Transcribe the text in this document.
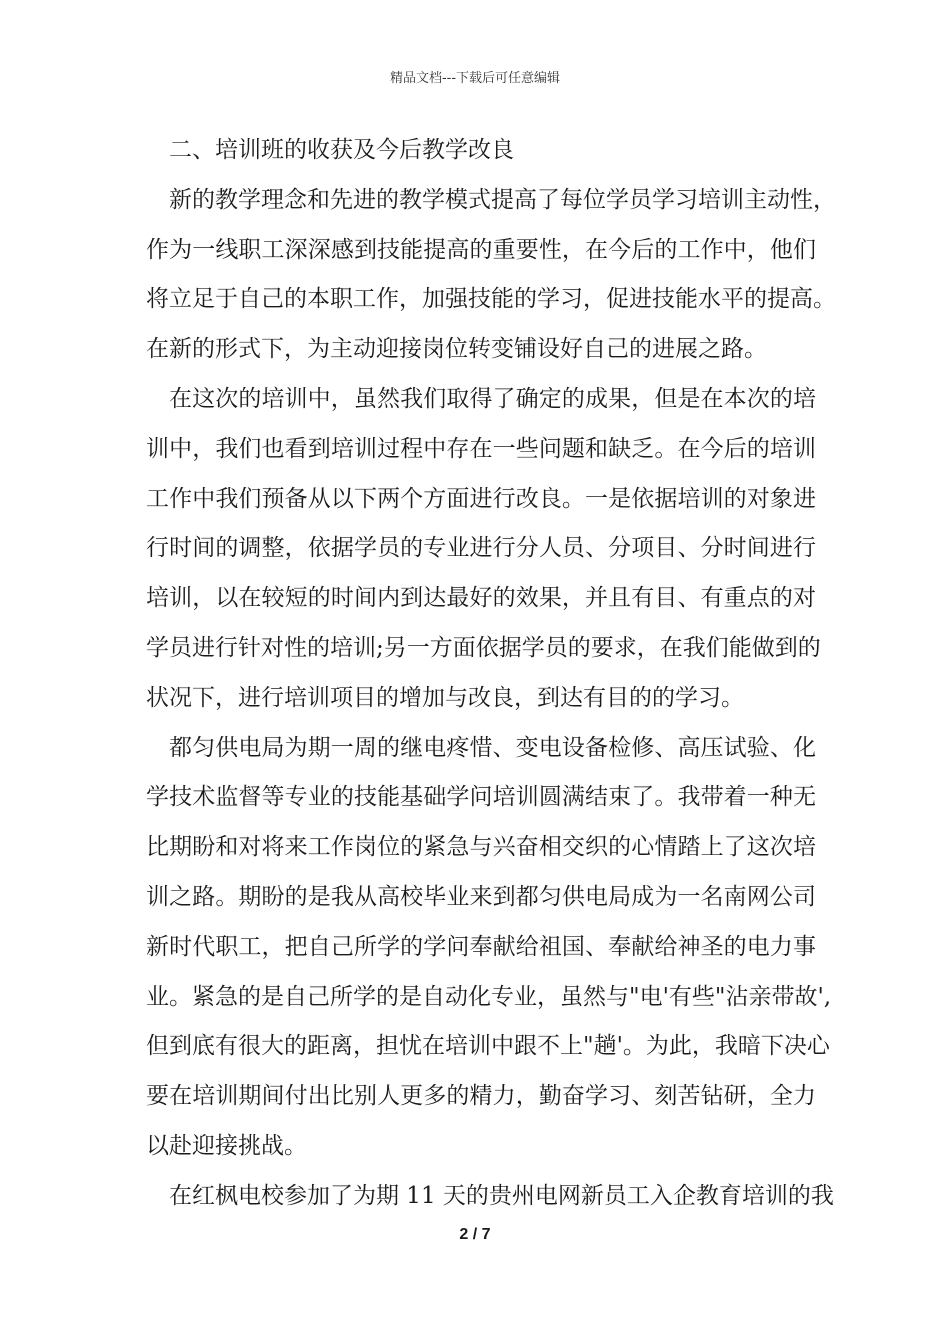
精品文档---下载后可任意编辑
二、培训班的收获及今后教学改良
新的教学理念和先进的教学模式提高了每位学员学习培训主动性，
作为一线职工深深感到技能提高的重要性，在今后的工作中，他们
将立足于自己的本职工作，加强技能的学习，促进技能水平的提高。
在新的形式下，为主动迎接岗位转变铺设好自己的进展之路。
在这次的培训中，虽然我们取得了确定的成果，但是在本次的培
训中，我们也看到培训过程中存在一些问题和缺乏。在今后的培训
工作中我们预备从以下两个方面进行改良。一是依据培训的对象进
行时间的调整，依据学员的专业进行分人员、分项目、分时间进行
培训，以在较短的时间内到达最好的效果，并且有目、有重点的对
学员进行针对性的培训;另一方面依据学员的要求，在我们能做到的
状况下，进行培训项目的增加与改良，到达有目的的学习。
都匀供电局为期一周的继电疼惜、变电设备检修、高压试验、化
学技术监督等专业的技能基础学问培训圆满结束了。我带着一种无
比期盼和对将来工作岗位的紧急与兴奋相交织的心情踏上了这次培
训之路。期盼的是我从高校毕业来到都匀供电局成为一名南网公司
新时代职工，把自己所学的学问奉献给祖国、奉献给神圣的电力事
业。紧急的是自己所学的是自动化专业，虽然与"电'有些"沾亲带故',
但到底有很大的距离，担忧在培训中跟不上"趟'。为此，我暗下决心
要在培训期间付出比别人更多的精力，勤奋学习、刻苦钻研，全力
以赴迎接挑战。
在红枫电校参加了为期 11 天的贵州电网新员工入企教育培训的我
2 / 7
